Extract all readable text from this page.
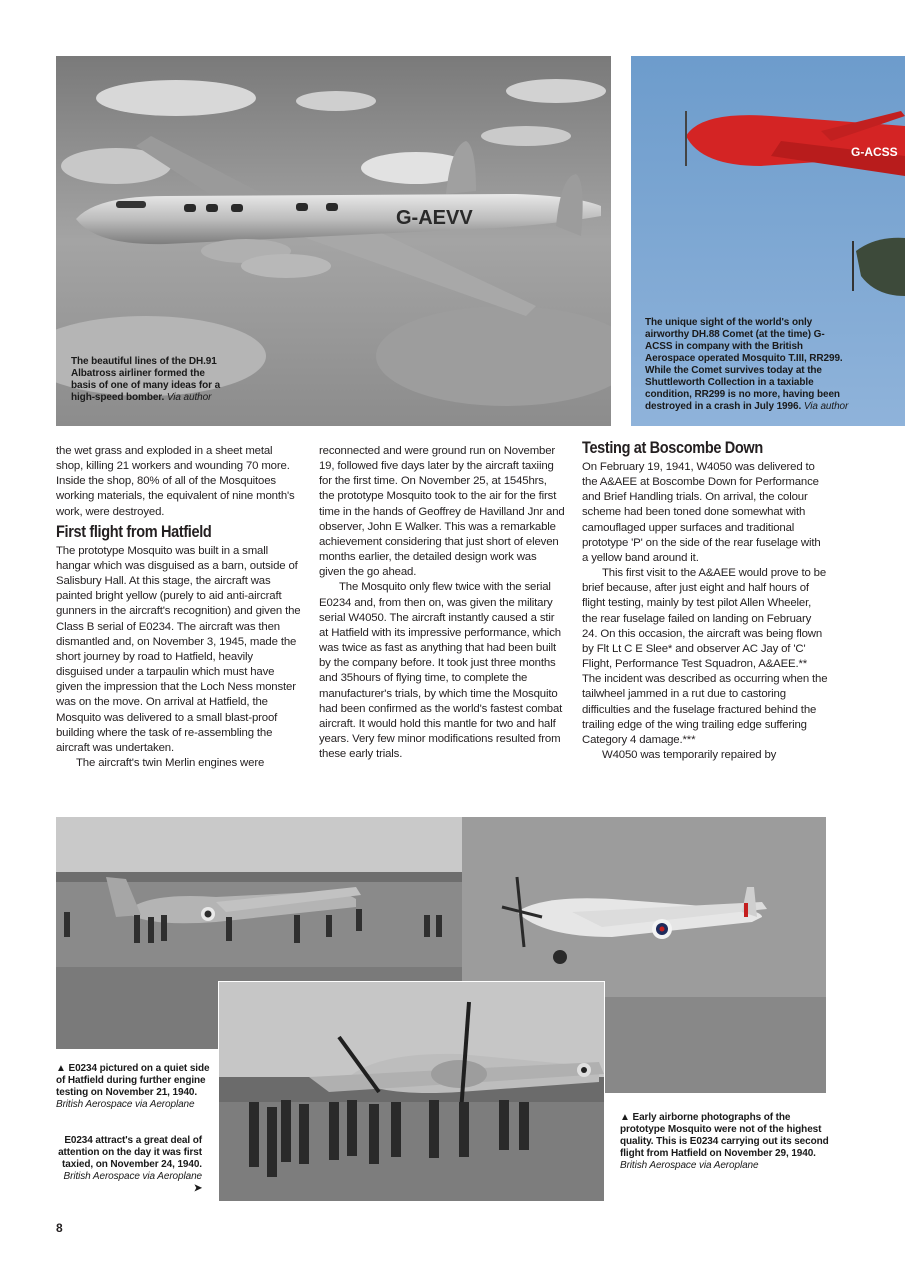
G-AEVV
The beautiful lines of the DH.91 Albatross airliner formed the basis of one of many ideas for a high-speed bomber. Via author
G-ACSS
The unique sight of the world's only airworthy DH.88 Comet (at the time) G-ACSS in company with the British Aerospace operated Mosquito T.III, RR299. While the Comet survives today at the Shuttleworth Collection in a taxiable condition, RR299 is no more, having been destroyed in a crash in July 1996. Via author

the wet grass and exploded in a sheet metal shop, killing 21 workers and wounding 70 more. Inside the shop, 80% of all of the Mosquitoes working materials, the equivalent of nine month's work, were destroyed.

First flight from Hatfield

The prototype Mosquito was built in a small hangar which was disguised as a barn, outside of Salisbury Hall. At this stage, the aircraft was painted bright yellow (purely to aid anti-aircraft gunners in the aircraft's recognition) and given the Class B serial of E0234. The aircraft was then dismantled and, on November 3, 1945, made the short journey by road to Hatfield, heavily disguised under a tarpaulin which must have given the impression that the Loch Ness monster was on the move. On arrival at Hatfield, the Mosquito was delivered to a small blast-proof building where the task of re-assembling the aircraft was undertaken.

The aircraft's twin Merlin engines were

reconnected and were ground run on November 19, followed five days later by the aircraft taxiing for the first time. On November 25, at 1545hrs, the prototype Mosquito took to the air for the first time in the hands of Geoffrey de Havilland Jnr and observer, John E Walker. This was a remarkable achievement considering that just short of eleven months earlier, the detailed design work was given the go ahead.

The Mosquito only flew twice with the serial E0234 and, from then on, was given the military serial W4050. The aircraft instantly caused a stir at Hatfield with its impressive performance, which was twice as fast as anything that had been built by the company before. It took just three months and 35hours of flying time, to complete the manufacturer's trials, by which time the Mosquito had been confirmed as the world's fastest combat aircraft. It would hold this mantle for two and half years. Very few minor modifications resulted from these early trials.

Testing at Boscombe Down

On February 19, 1941, W4050 was delivered to the A&AEE at Boscombe Down for Performance and Brief Handling trials. On arrival, the colour scheme had been toned done somewhat with camouflaged upper surfaces and traditional prototype 'P' on the side of the rear fuselage with a yellow band around it.

This first visit to the A&AEE would prove to be brief because, after just eight and half hours of flight testing, mainly by test pilot Allen Wheeler, the rear fuselage failed on landing on February 24. On this occasion, the aircraft was being flown by Flt Lt C E Slee* and observer AC Jay of 'C' Flight, Performance Test Squadron, A&AEE.** The incident was described as occurring when the tailwheel jammed in a rut due to castoring difficulties and the fuselage fractured behind the trailing edge of the wing trailing edge suffering Category 4 damage.***

W4050 was temporarily repaired by

▲ E0234 pictured on a quiet side of Hatfield during further engine testing on November 21, 1940. British Aerospace via Aeroplane
E0234 attract's a great deal of attention on the day it was first taxied, on November 24, 1940. British Aerospace via Aeroplane ➤
▲ Early airborne photographs of the prototype Mosquito were not of the highest quality. This is E0234 carrying out its second flight from Hatfield on November 29, 1940. British Aerospace via Aeroplane
8
